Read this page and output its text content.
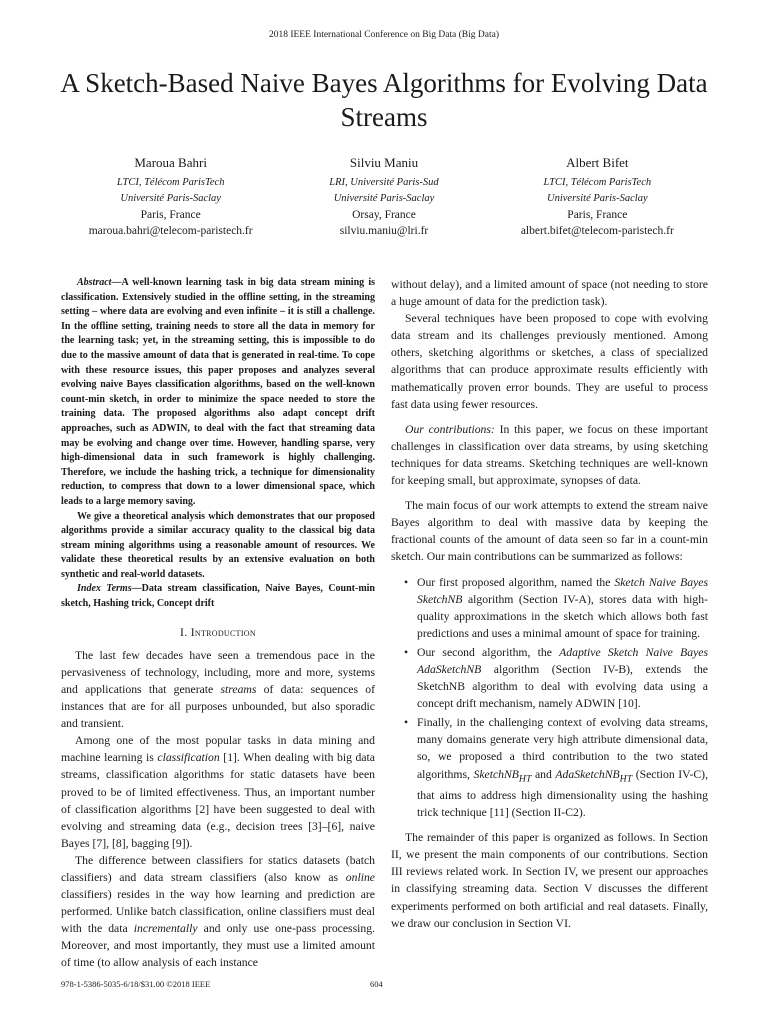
2018 IEEE International Conference on Big Data (Big Data)
A Sketch-Based Naive Bayes Algorithms for Evolving Data Streams
Maroua Bahri
LTCI, Télécom ParisTech
Université Paris-Saclay
Paris, France
maroua.bahri@telecom-paristech.fr
Silviu Maniu
LRI, Université Paris-Sud
Université Paris-Saclay
Orsay, France
silviu.maniu@lri.fr
Albert Bifet
LTCI, Télécom ParisTech
Université Paris-Saclay
Paris, France
albert.bifet@telecom-paristech.fr

Abstract—A well-known learning task in big data stream mining is classification. Extensively studied in the offline setting, in the streaming setting – where data are evolving and even infinite – it is still a challenge. In the offline setting, training needs to store all the data in memory for the learning task; yet, in the streaming setting, this is impossible to do due to the massive amount of data that is generated in real-time. To cope with these resource issues, this paper proposes and analyzes several evolving naive Bayes classification algorithms, based on the well-known count-min sketch, in order to minimize the space needed to store the training data. The proposed algorithms also adapt concept drift approaches, such as ADWIN, to deal with the fact that streaming data may be evolving and change over time. However, handling sparse, very high-dimensional data in such framework is highly challenging. Therefore, we include the hashing trick, a technique for dimensionality reduction, to compress that down to a lower dimensional space, which leads to a large memory saving.

We give a theoretical analysis which demonstrates that our proposed algorithms provide a similar accuracy quality to the classical big data stream mining algorithms using a reasonable amount of resources. We validate these theoretical results by an extensive evaluation on both synthetic and real-world datasets.

Index Terms—Data stream classification, Naive Bayes, Count-min sketch, Hashing trick, Concept drift

I. Introduction

The last few decades have seen a tremendous pace in the pervasiveness of technology, including, more and more, systems and applications that generate streams of data: sequences of instances that are for all purposes unbounded, but also sporadic and transient.

Among one of the most popular tasks in data mining and machine learning is classification [1]. When dealing with big data streams, classification algorithms for static datasets have been proved to be of limited effectiveness. Thus, an important number of classification algorithms [2] have been suggested to deal with evolving and streaming data (e.g., decision trees [3]–[6], naive Bayes [7], [8], bagging [9]).

The difference between classifiers for statics datasets (batch classifiers) and data stream classifiers (also know as online classifiers) resides in the way how learning and prediction are performed. Unlike batch classification, online classifiers must deal with the data incrementally and only use one-pass processing. Moreover, and most importantly, they must use a limited amount of time (to allow analysis of each instance

without delay), and a limited amount of space (not needing to store a huge amount of data for the prediction task).

Several techniques have been proposed to cope with evolving data stream and its challenges previously mentioned. Among others, sketching algorithms or sketches, a class of specialized algorithms that can produce approximate results efficiently with mathematically proven error bounds. They are useful to process fast data using fewer resources.

Our contributions: In this paper, we focus on these important challenges in classification over data streams, by using sketching techniques for data streams. Sketching techniques are well-known for keeping small, but approximate, synopses of data.

The main focus of our work attempts to extend the stream naive Bayes algorithm to deal with massive data by keeping the fractional counts of the amount of data seen so far in a count-min sketch. Our main contributions can be summarized as follows:

• Our first proposed algorithm, named the Sketch Naive Bayes SketchNB algorithm (Section IV-A), stores data with high-quality approximations in the sketch which allows both fast predictions and uses a minimal amount of space for training.
• Our second algorithm, the Adaptive Sketch Naive Bayes AdaSketchNB algorithm (Section IV-B), extends the SketchNB algorithm to deal with evolving data using a concept drift mechanism, namely ADWIN [10].
• Finally, in the challenging context of evolving data streams, many domains generate very high attribute dimensional data, so, we proposed a third contribution to the two stated algorithms, SketchNB$_{HT}$ and AdaSketchNB$_{HT}$ (Section IV-C), that aims to address high dimensionality using the hashing trick technique [11] (Section II-C2).

The remainder of this paper is organized as follows. In Section II, we present the main components of our contributions. Section III reviews related work. In Section IV, we present our approaches in classifying streaming data. Section V discusses the different experiments performed on both artificial and real datasets. Finally, we draw our conclusion in Section VI.

978-1-5386-5035-6/18/$31.00 ©2018 IEEE	604
